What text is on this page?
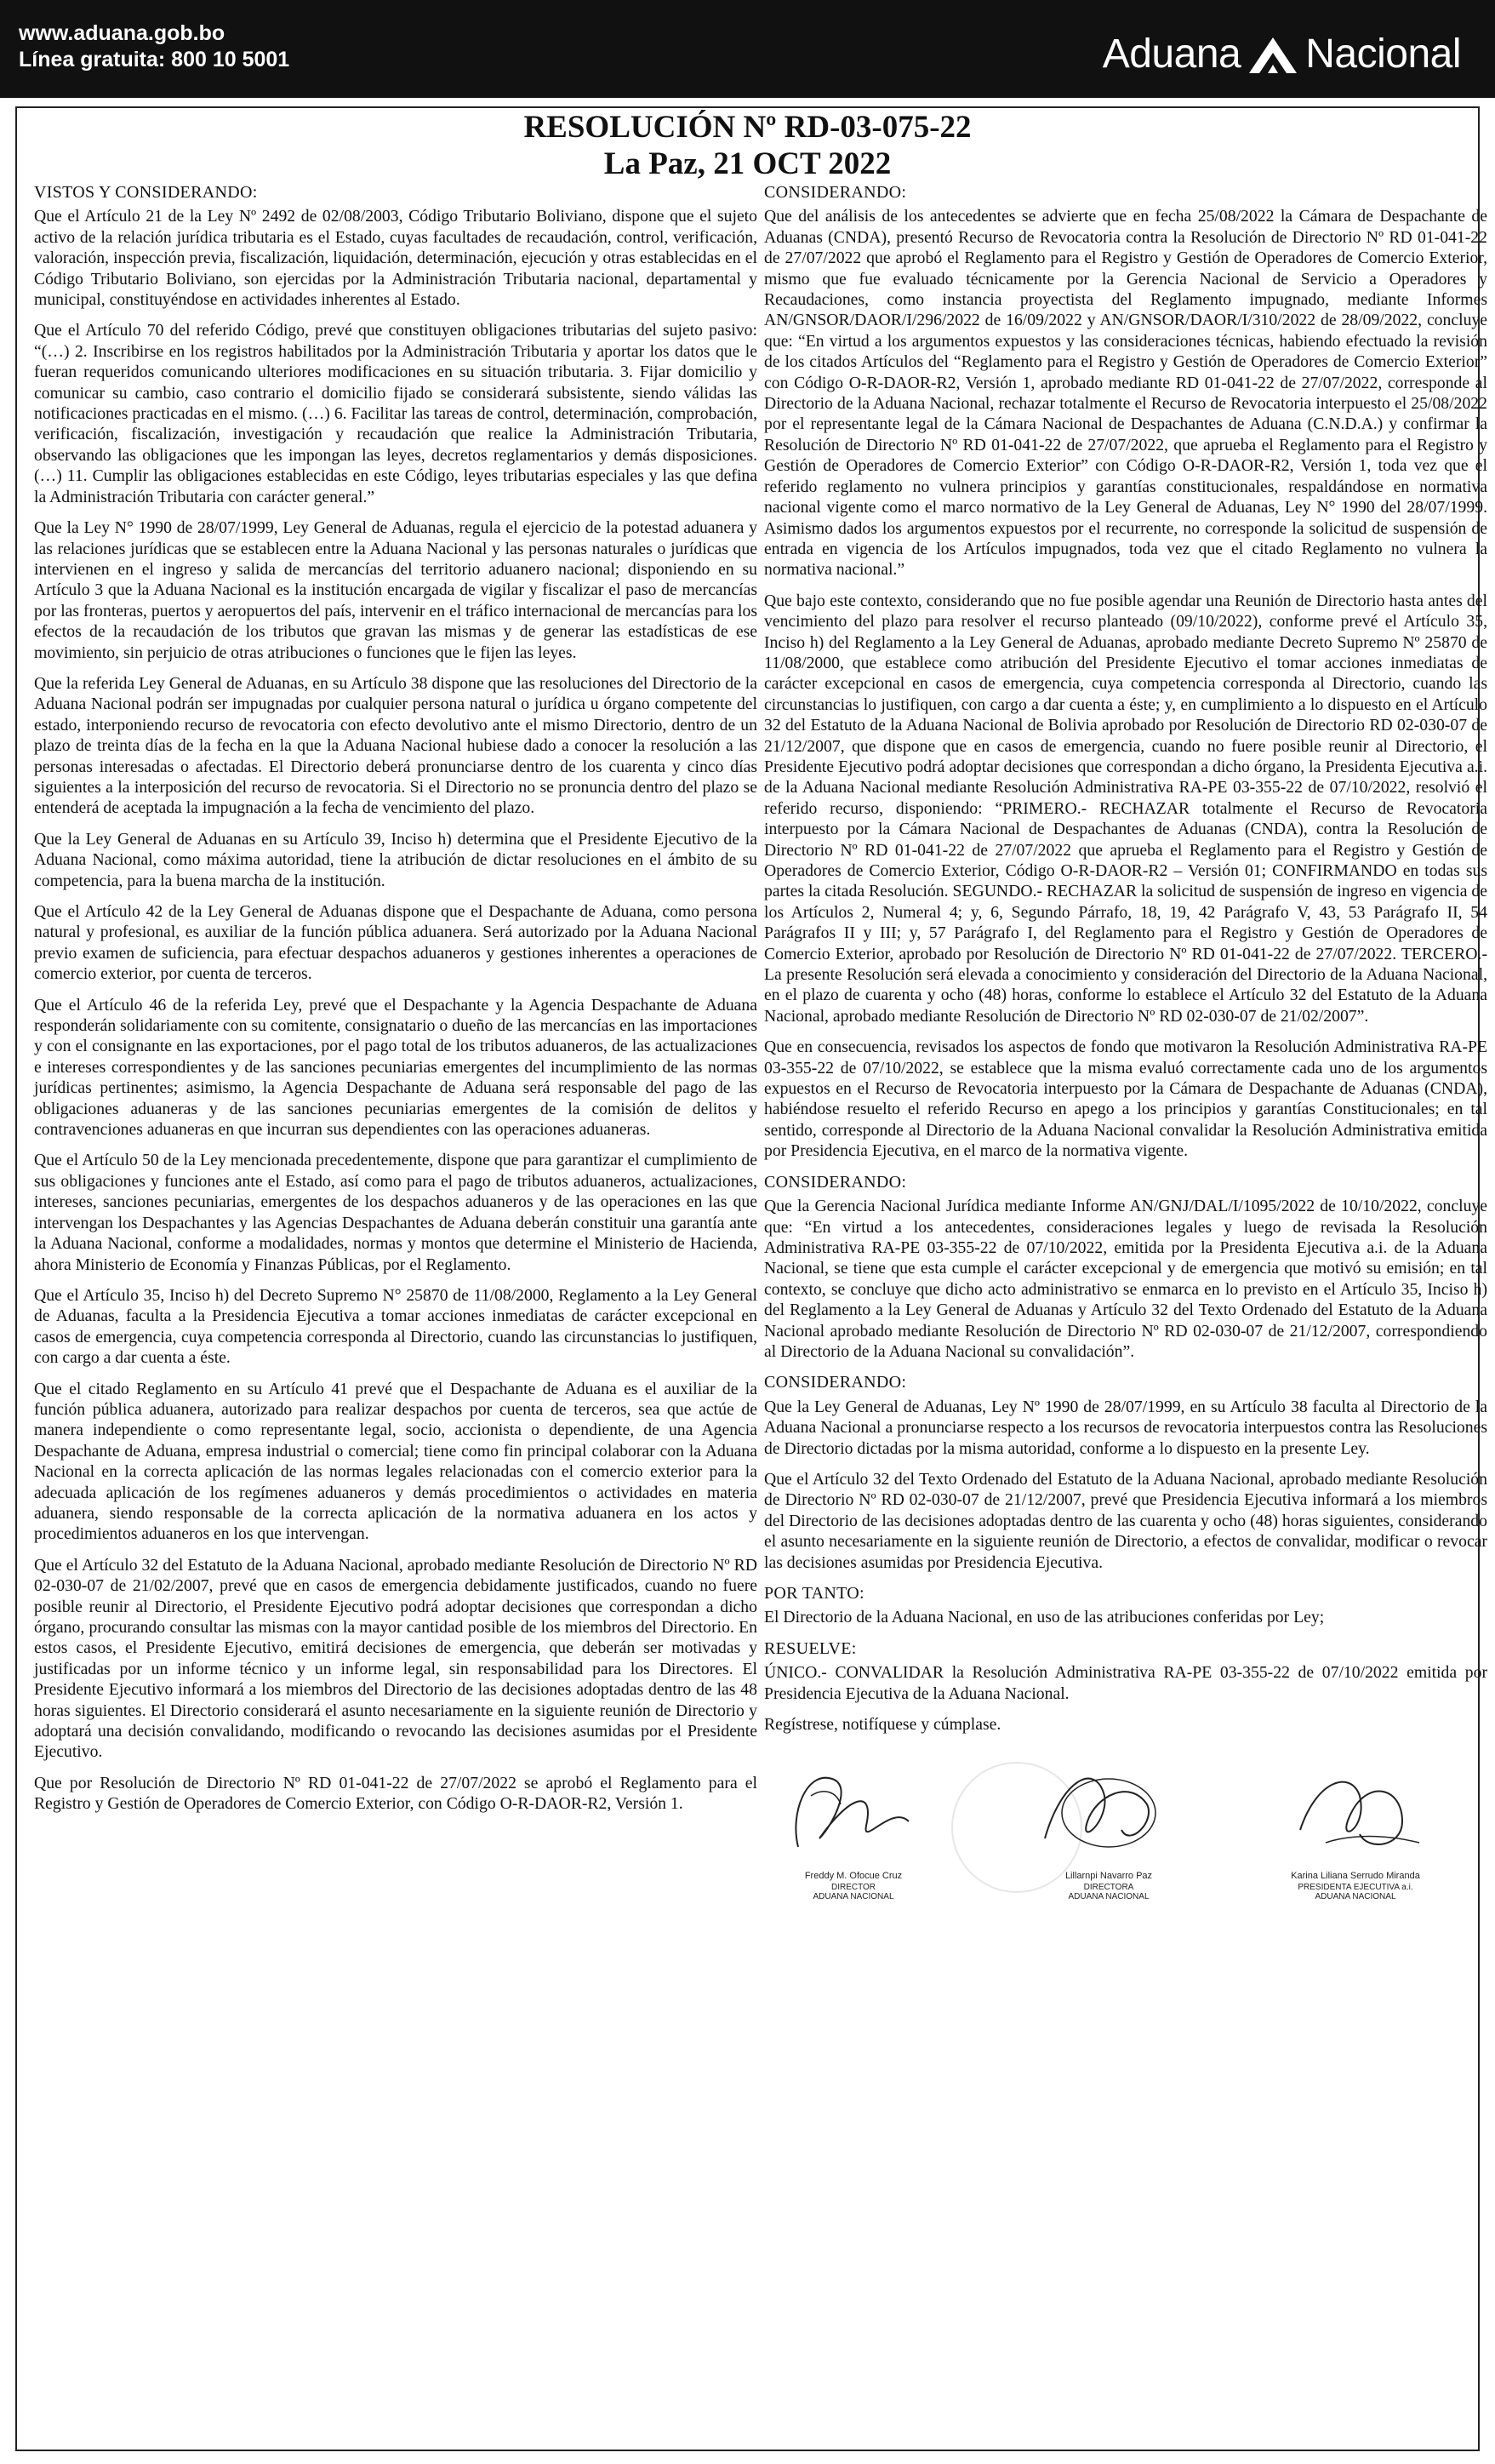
www.aduana.gob.bo
Línea gratuita: 800 10 5001	Aduana Nacional
RESOLUCIÓN Nº RD-03-075-22
La Paz, 21 OCT 2022
VISTOS Y CONSIDERANDO:

Que el Artículo 21 de la Ley Nº 2492 de 02/08/2003, Código Tributario Boliviano, dispone que el sujeto activo de la relación jurídica tributaria es el Estado, cuyas facultades de recaudación, control, verificación, valoración, inspección previa, fiscalización, liquidación, determinación, ejecución y otras establecidas en el Código Tributario Boliviano, son ejercidas por la Administración Tributaria nacional, departamental y municipal, constituyéndose en actividades inherentes al Estado.

Que el Artículo 70 del referido Código, prevé que constituyen obligaciones tributarias del sujeto pasivo: “(…) 2. Inscribirse en los registros habilitados por la Administración Tributaria y aportar los datos que le fueran requeridos comunicando ulteriores modificaciones en su situación tributaria. 3. Fijar domicilio y comunicar su cambio, caso contrario el domicilio fijado se considerará subsistente, siendo válidas las notificaciones practicadas en el mismo. (…) 6. Facilitar las tareas de control, determinación, comprobación, verificación, fiscalización, investigación y recaudación que realice la Administración Tributaria, observando las obligaciones que les impongan las leyes, decretos reglamentarios y demás disposiciones. (…) 11. Cumplir las obligaciones establecidas en este Código, leyes tributarias especiales y las que defina la Administración Tributaria con carácter general.”

Que la Ley N° 1990 de 28/07/1999, Ley General de Aduanas, regula el ejercicio de la potestad aduanera y las relaciones jurídicas que se establecen entre la Aduana Nacional y las personas naturales o jurídicas que intervienen en el ingreso y salida de mercancías del territorio aduanero nacional; disponiendo en su Artículo 3 que la Aduana Nacional es la institución encargada de vigilar y fiscalizar el paso de mercancías por las fronteras, puertos y aeropuertos del país, intervenir en el tráfico internacional de mercancías para los efectos de la recaudación de los tributos que gravan las mismas y de generar las estadísticas de ese movimiento, sin perjuicio de otras atribuciones o funciones que le fijen las leyes.

Que la referida Ley General de Aduanas, en su Artículo 38 dispone que las resoluciones del Directorio de la Aduana Nacional podrán ser impugnadas por cualquier persona natural o jurídica u órgano competente del estado, interponiendo recurso de revocatoria con efecto devolutivo ante el mismo Directorio, dentro de un plazo de treinta días de la fecha en la que la Aduana Nacional hubiese dado a conocer la resolución a las personas interesadas o afectadas. El Directorio deberá pronunciarse dentro de los cuarenta y cinco días siguientes a la interposición del recurso de revocatoria. Si el Directorio no se pronuncia dentro del plazo se entenderá de aceptada la impugnación a la fecha de vencimiento del plazo.

Que la Ley General de Aduanas en su Artículo 39, Inciso h) determina que el Presidente Ejecutivo de la Aduana Nacional, como máxima autoridad, tiene la atribución de dictar resoluciones en el ámbito de su competencia, para la buena marcha de la institución.

Que el Artículo 42 de la Ley General de Aduanas dispone que el Despachante de Aduana, como persona natural y profesional, es auxiliar de la función pública aduanera. Será autorizado por la Aduana Nacional previo examen de suficiencia, para efectuar despachos aduaneros y gestiones inherentes a operaciones de comercio exterior, por cuenta de terceros.

Que el Artículo 46 de la referida Ley, prevé que el Despachante y la Agencia Despachante de Aduana responderán solidariamente con su comitente, consignatario o dueño de las mercancías en las importaciones y con el consignante en las exportaciones, por el pago total de los tributos aduaneros, de las actualizaciones e intereses correspondientes y de las sanciones pecuniarias emergentes del incumplimiento de las normas jurídicas pertinentes; asimismo, la Agencia Despachante de Aduana será responsable del pago de las obligaciones aduaneras y de las sanciones pecuniarias emergentes de la comisión de delitos y contravenciones aduaneras en que incurran sus dependientes con las operaciones aduaneras.

Que el Artículo 50 de la Ley mencionada precedentemente, dispone que para garantizar el cumplimiento de sus obligaciones y funciones ante el Estado, así como para el pago de tributos aduaneros, actualizaciones, intereses, sanciones pecuniarias, emergentes de los despachos aduaneros y de las operaciones en las que intervengan los Despachantes y las Agencias Despachantes de Aduana deberán constituir una garantía ante la Aduana Nacional, conforme a modalidades, normas y montos que determine el Ministerio de Hacienda, ahora Ministerio de Economía y Finanzas Públicas, por el Reglamento.

Que el Artículo 35, Inciso h) del Decreto Supremo N° 25870 de 11/08/2000, Reglamento a la Ley General de Aduanas, faculta a la Presidencia Ejecutiva a tomar acciones inmediatas de carácter excepcional en casos de emergencia, cuya competencia corresponda al Directorio, cuando las circunstancias lo justifiquen, con cargo a dar cuenta a éste.

Que el citado Reglamento en su Artículo 41 prevé que el Despachante de Aduana es el auxiliar de la función pública aduanera, autorizado para realizar despachos por cuenta de terceros, sea que actúe de manera independiente o como representante legal, socio, accionista o dependiente, de una Agencia Despachante de Aduana, empresa industrial o comercial; tiene como fin principal colaborar con la Aduana Nacional en la correcta aplicación de las normas legales relacionadas con el comercio exterior para la adecuada aplicación de los regímenes aduaneros y demás procedimientos o actividades en materia aduanera, siendo responsable de la correcta aplicación de la normativa aduanera en los actos y procedimientos aduaneros en los que intervengan.

Que el Artículo 32 del Estatuto de la Aduana Nacional, aprobado mediante Resolución de Directorio Nº RD 02-030-07 de 21/02/2007, prevé que en casos de emergencia debidamente justificados, cuando no fuere posible reunir al Directorio, el Presidente Ejecutivo podrá adoptar decisiones que correspondan a dicho órgano, procurando consultar las mismas con la mayor cantidad posible de los miembros del Directorio. En estos casos, el Presidente Ejecutivo, emitirá decisiones de emergencia, que deberán ser motivadas y justificadas por un informe técnico y un informe legal, sin responsabilidad para los Directores. El Presidente Ejecutivo informará a los miembros del Directorio de las decisiones adoptadas dentro de las 48 horas siguientes. El Directorio considerará el asunto necesariamente en la siguiente reunión de Directorio y adoptará una decisión convalidando, modificando o revocando las decisiones asumidas por el Presidente Ejecutivo.

Que por Resolución de Directorio Nº RD 01-041-22 de 27/07/2022 se aprobó el Reglamento para el Registro y Gestión de Operadores de Comercio Exterior, con Código O-R-DAOR-R2, Versión 1.

CONSIDERANDO:

Que del análisis de los antecedentes se advierte que en fecha 25/08/2022 la Cámara de Despachante de Aduanas (CNDA), presentó Recurso de Revocatoria contra la Resolución de Directorio Nº RD 01-041-22 de 27/07/2022 que aprobó el Reglamento para el Registro y Gestión de Operadores de Comercio Exterior, mismo que fue evaluado técnicamente por la Gerencia Nacional de Servicio a Operadores y Recaudaciones, como instancia proyectista del Reglamento impugnado, mediante Informes AN/GNSOR/DAOR/I/296/2022 de 16/09/2022 y AN/GNSOR/DAOR/I/310/2022 de 28/09/2022, concluye que: “En virtud a los argumentos expuestos y las consideraciones técnicas, habiendo efectuado la revisión de los citados Artículos del “Reglamento para el Registro y Gestión de Operadores de Comercio Exterior” con Código O-R-DAOR-R2, Versión 1, aprobado mediante RD 01-041-22 de 27/07/2022, corresponde al Directorio de la Aduana Nacional, rechazar totalmente el Recurso de Revocatoria interpuesto el 25/08/2022 por el representante legal de la Cámara Nacional de Despachantes de Aduana (C.N.D.A.) y confirmar la Resolución de Directorio Nº RD 01-041-22 de 27/07/2022, que aprueba el Reglamento para el Registro y Gestión de Operadores de Comercio Exterior” con Código O-R-DAOR-R2, Versión 1, toda vez que el referido reglamento no vulnera principios y garantías constitucionales, respaldándose en normativa nacional vigente como el marco normativo de la Ley General de Aduanas, Ley N° 1990 del 28/07/1999. Asimismo dados los argumentos expuestos por el recurrente, no corresponde la solicitud de suspensión de entrada en vigencia de los Artículos impugnados, toda vez que el citado Reglamento no vulnera la normativa nacional.”

Que bajo este contexto, considerando que no fue posible agendar una Reunión de Directorio hasta antes del vencimiento del plazo para resolver el recurso planteado (09/10/2022), conforme prevé el Artículo 35, Inciso h) del Reglamento a la Ley General de Aduanas, aprobado mediante Decreto Supremo Nº 25870 de 11/08/2000, que establece como atribución del Presidente Ejecutivo el tomar acciones inmediatas de carácter excepcional en casos de emergencia, cuya competencia corresponda al Directorio, cuando las circunstancias lo justifiquen, con cargo a dar cuenta a éste; y, en cumplimiento a lo dispuesto en el Artículo 32 del Estatuto de la Aduana Nacional de Bolivia aprobado por Resolución de Directorio RD 02-030-07 de 21/12/2007, que dispone que en casos de emergencia, cuando no fuere posible reunir al Directorio, el Presidente Ejecutivo podrá adoptar decisiones que correspondan a dicho órgano, la Presidenta Ejecutiva a.i. de la Aduana Nacional mediante Resolución Administrativa RA-PE 03-355-22 de 07/10/2022, resolvió el referido recurso, disponiendo: “PRIMERO.- RECHAZAR totalmente el Recurso de Revocatoria interpuesto por la Cámara Nacional de Despachantes de Aduanas (CNDA), contra la Resolución de Directorio Nº RD 01-041-22 de 27/07/2022 que aprueba el Reglamento para el Registro y Gestión de Operadores de Comercio Exterior, Código O-R-DAOR-R2 – Versión 01; CONFIRMANDO en todas sus partes la citada Resolución. SEGUNDO.- RECHAZAR la solicitud de suspensión de ingreso en vigencia de los Artículos 2, Numeral 4; y, 6, Segundo Párrafo, 18, 19, 42 Parágrafo V, 43, 53 Parágrafo II, 54 Parágrafos II y III; y, 57 Parágrafo I, del Reglamento para el Registro y Gestión de Operadores de Comercio Exterior, aprobado por Resolución de Directorio Nº RD 01-041-22 de 27/07/2022. TERCERO.- La presente Resolución será elevada a conocimiento y consideración del Directorio de la Aduana Nacional, en el plazo de cuarenta y ocho (48) horas, conforme lo establece el Artículo 32 del Estatuto de la Aduana Nacional, aprobado mediante Resolución de Directorio Nº RD 02-030-07 de 21/02/2007”.

Que en consecuencia, revisados los aspectos de fondo que motivaron la Resolución Administrativa RA-PE 03-355-22 de 07/10/2022, se establece que la misma evaluó correctamente cada uno de los argumentos expuestos en el Recurso de Revocatoria interpuesto por la Cámara de Despachante de Aduanas (CNDA), habiéndose resuelto el referido Recurso en apego a los principios y garantías Constitucionales; en tal sentido, corresponde al Directorio de la Aduana Nacional convalidar la Resolución Administrativa emitida por Presidencia Ejecutiva, en el marco de la normativa vigente.

CONSIDERANDO:

Que la Gerencia Nacional Jurídica mediante Informe AN/GNJ/DAL/I/1095/2022 de 10/10/2022, concluye que: “En virtud a los antecedentes, consideraciones legales y luego de revisada la Resolución Administrativa RA-PE 03-355-22 de 07/10/2022, emitida por la Presidenta Ejecutiva a.i. de la Aduana Nacional, se tiene que esta cumple el carácter excepcional y de emergencia que motivó su emisión; en tal contexto, se concluye que dicho acto administrativo se enmarca en lo previsto en el Artículo 35, Inciso h) del Reglamento a la Ley General de Aduanas y Artículo 32 del Texto Ordenado del Estatuto de la Aduana Nacional aprobado mediante Resolución de Directorio Nº RD 02-030-07 de 21/12/2007, correspondiendo al Directorio de la Aduana Nacional su convalidación”.

CONSIDERANDO:

Que la Ley General de Aduanas, Ley Nº 1990 de 28/07/1999, en su Artículo 38 faculta al Directorio de la Aduana Nacional a pronunciarse respecto a los recursos de revocatoria interpuestos contra las Resoluciones de Directorio dictadas por la misma autoridad, conforme a lo dispuesto en la presente Ley.

Que el Artículo 32 del Texto Ordenado del Estatuto de la Aduana Nacional, aprobado mediante Resolución de Directorio Nº RD 02-030-07 de 21/12/2007, prevé que Presidencia Ejecutiva informará a los miembros del Directorio de las decisiones adoptadas dentro de las cuarenta y ocho (48) horas siguientes, considerando el asunto necesariamente en la siguiente reunión de Directorio, a efectos de convalidar, modificar o revocar las decisiones asumidas por Presidencia Ejecutiva.

POR TANTO:

El Directorio de la Aduana Nacional, en uso de las atribuciones conferidas por Ley;

RESUELVE:

ÚNICO.- CONVALIDAR la Resolución Administrativa RA-PE 03-355-22 de 07/10/2022 emitida por Presidencia Ejecutiva de la Aduana Nacional.

Regístrese, notifíquese y cúmplase.

Freddy M. Ofocue Cruz
DIRECTOR
ADUANA NACIONAL
Lillarnpi Navarro Paz
DIRECTORA
ADUANA NACIONAL
Karina Liliana Serrudo Miranda
PRESIDENTA EJECUTIVA a.i.
ADUANA NACIONAL
